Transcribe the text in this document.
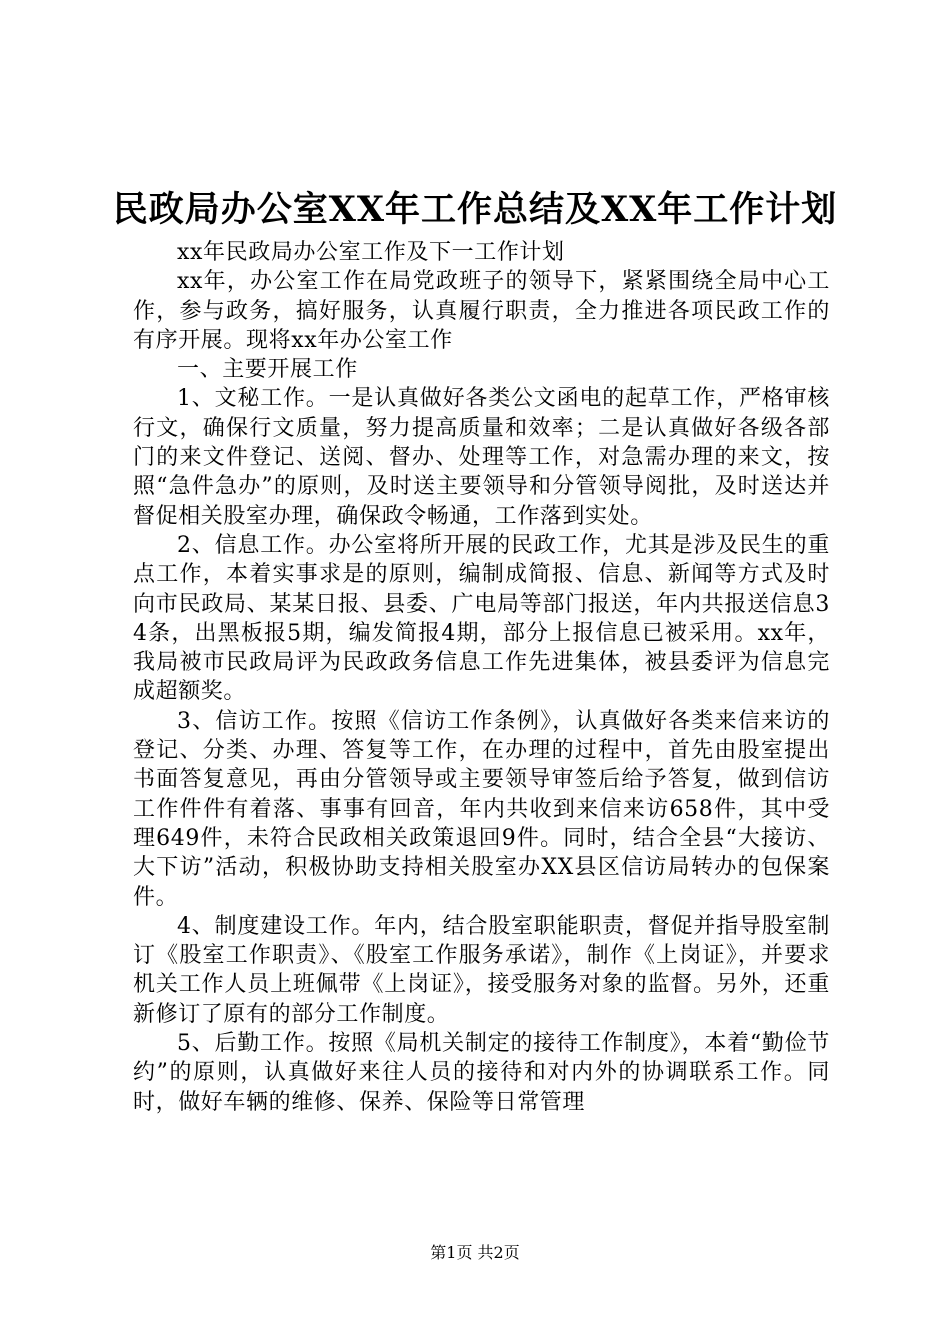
民政局办公室XX年工作总结及XX年工作计划

xx年民政局办公室工作及下一工作计划

xx年，办公室工作在局党政班子的领导下，紧紧围绕全局中心工作，参与政务，搞好服务，认真履行职责，全力推进各项民政工作的有序开展。现将xx年办公室工作

一、主要开展工作

1、文秘工作。一是认真做好各类公文函电的起草工作，严格审核行文，确保行文质量，努力提高质量和效率；二是认真做好各级各部门的来文件登记、送阅、督办、处理等工作，对急需办理的来文，按照“急件急办”的原则，及时送主要领导和分管领导阅批，及时送达并督促相关股室办理，确保政令畅通，工作落到实处。

2、信息工作。办公室将所开展的民政工作，尤其是涉及民生的重点工作，本着实事求是的原则，编制成简报、信息、新闻等方式及时向市民政局、某某日报、县委、广电局等部门报送，年内共报送信息34条，出黑板报5期，编发简报4期，部分上报信息已被采用。xx年，我局被市民政局评为民政政务信息工作先进集体，被县委评为信息完成超额奖。

3、信访工作。按照《信访工作条例》，认真做好各类来信来访的登记、分类、办理、答复等工作，在办理的过程中，首先由股室提出书面答复意见，再由分管领导或主要领导审签后给予答复，做到信访工作件件有着落、事事有回音，年内共收到来信来访658件，其中受理649件，未符合民政相关政策退回9件。同时，结合全县“大接访、大下访”活动，积极协助支持相关股室办XX县区信访局转办的包保案件。

4、制度建设工作。年内，结合股室职能职责，督促并指导股室制订《股室工作职责》、《股室工作服务承诺》，制作《上岗证》，并要求机关工作人员上班佩带《上岗证》，接受服务对象的监督。另外，还重新修订了原有的部分工作制度。

5、后勤工作。按照《局机关制定的接待工作制度》，本着“勤俭节约”的原则，认真做好来往人员的接待和对内外的协调联系工作。同时，做好车辆的维修、保养、保险等日常管理

第1页 共2页
